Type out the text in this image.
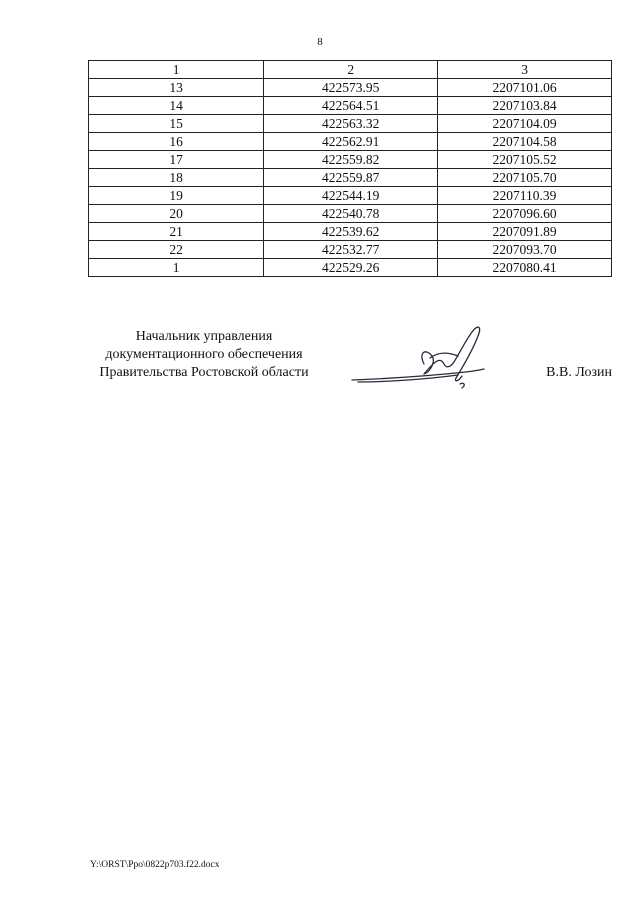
8
1	2	3
13	422573.95	2207101.06
14	422564.51	2207103.84
15	422563.32	2207104.09
16	422562.91	2207104.58
17	422559.82	2207105.52
18	422559.87	2207105.70
19	422544.19	2207110.39
20	422540.78	2207096.60
21	422539.62	2207091.89
22	422532.77	2207093.70
1	422529.26	2207080.41
Начальник управления
документационного обеспечения
Правительства Ростовской области	В.В. Лозин
Y:\ORST\Ppo\0822p703.f22.docx
